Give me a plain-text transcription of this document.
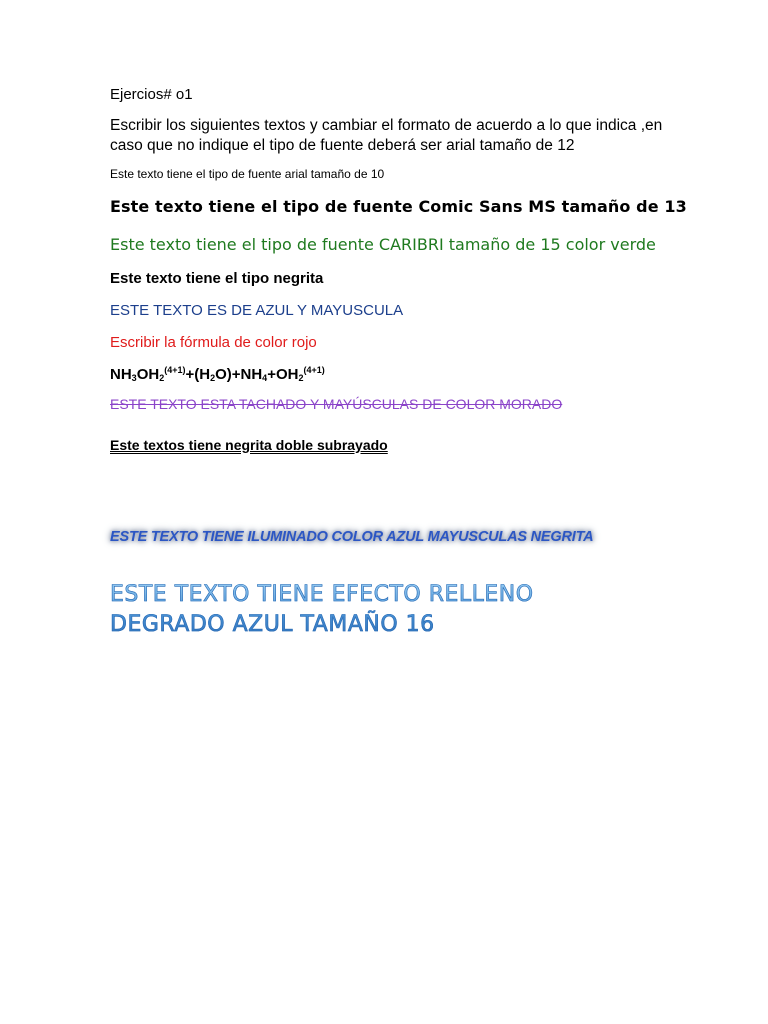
Ejercios# o1
Escribir los siguientes textos y cambiar el formato de acuerdo a lo que indica ,en caso que no indique el tipo de fuente deberá ser arial tamaño de 12
Este texto tiene el tipo de fuente arial tamaño de 10
Este texto tiene el tipo de fuente Comic Sans MS tamaño de 13
Este texto tiene el tipo de fuente CARIBRI tamaño de 15 color verde
Este texto tiene el tipo negrita
ESTE TEXTO ES DE AZUL Y MAYUSCULA
Escribir la fórmula de color rojo
$NH_3OH_2^{(4+1)}+(H_2O)+NH_4+OH_2^{(4+1)}$
ESTE TEXTO ESTA TACHADO Y MAYÚSCULAS DE COLOR MORADO
Este textos tiene negrita doble subrayado
ESTE TEXTO TIENE ILUMINADO COLOR AZUL MAYUSCULAS NEGRITA
ESTE TEXTO TIENE EFECTO RELLENO DEGRADO AZUL TAMAÑO 16
